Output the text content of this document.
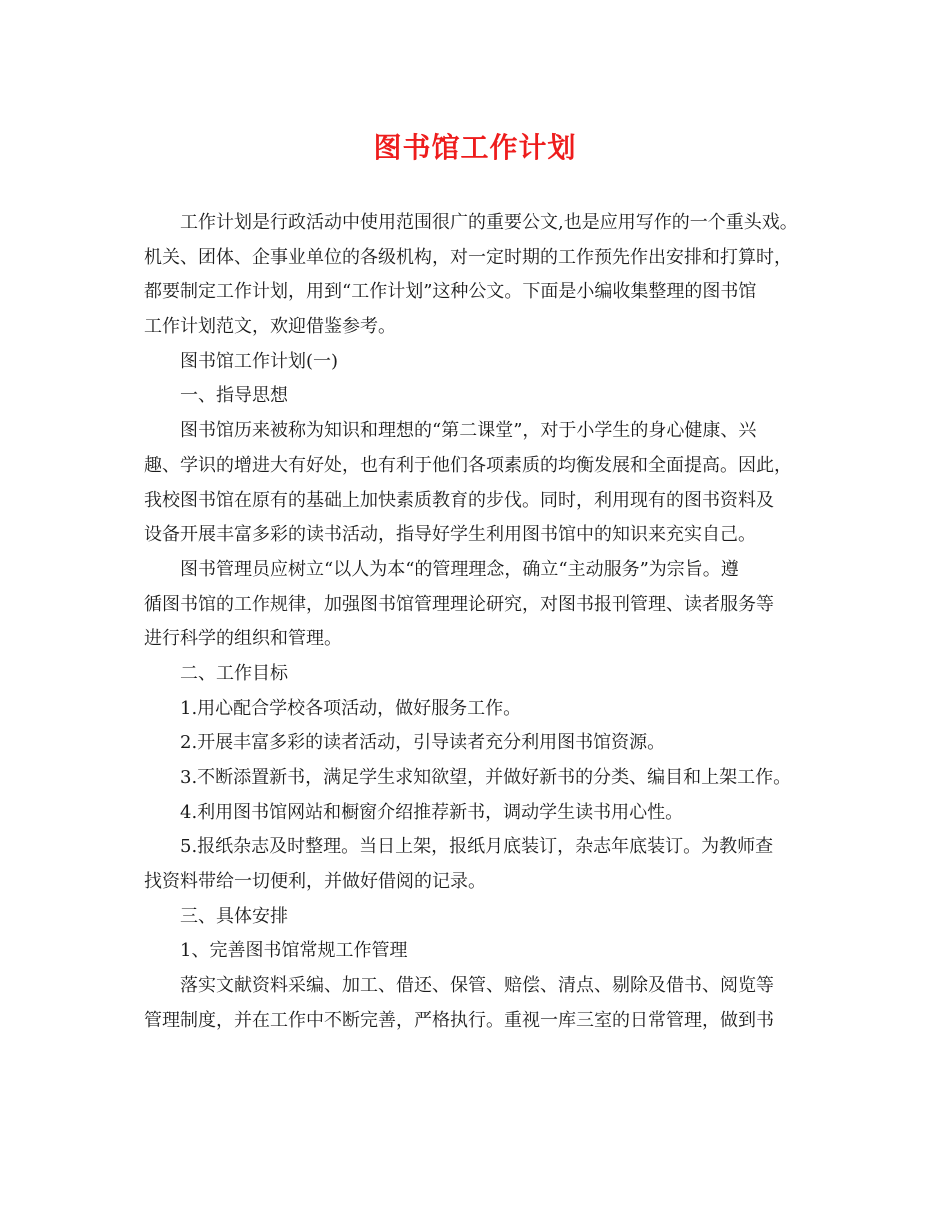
图书馆工作计划
工作计划是行政活动中使用范围很广的重要公文,也是应用写作的一个重头戏。
机关、团体、企事业单位的各级机构，对一定时期的工作预先作出安排和打算时，
都要制定工作计划，用到“工作计划”这种公文。下面是小编收集整理的图书馆
工作计划范文，欢迎借鉴参考。
图书馆工作计划(一)
一、指导思想
图书馆历来被称为知识和理想的“第二课堂”，对于小学生的身心健康、兴
趣、学识的增进大有好处，也有利于他们各项素质的均衡发展和全面提高。因此，
我校图书馆在原有的基础上加快素质教育的步伐。同时，利用现有的图书资料及
设备开展丰富多彩的读书活动，指导好学生利用图书馆中的知识来充实自己。
图书管理员应树立“以人为本“的管理理念，确立“主动服务”为宗旨。遵
循图书馆的工作规律，加强图书馆管理理论研究，对图书报刊管理、读者服务等
进行科学的组织和管理。
二、工作目标
1.用心配合学校各项活动，做好服务工作。
2.开展丰富多彩的读者活动，引导读者充分利用图书馆资源。
3.不断添置新书，满足学生求知欲望，并做好新书的分类、编目和上架工作。
4.利用图书馆网站和橱窗介绍推荐新书，调动学生读书用心性。
5.报纸杂志及时整理。当日上架，报纸月底装订，杂志年底装订。为教师查
找资料带给一切便利，并做好借阅的记录。
三、具体安排
1、完善图书馆常规工作管理
落实文献资料采编、加工、借还、保管、赔偿、清点、剔除及借书、阅览等
管理制度，并在工作中不断完善，严格执行。重视一库三室的日常管理，做到书
